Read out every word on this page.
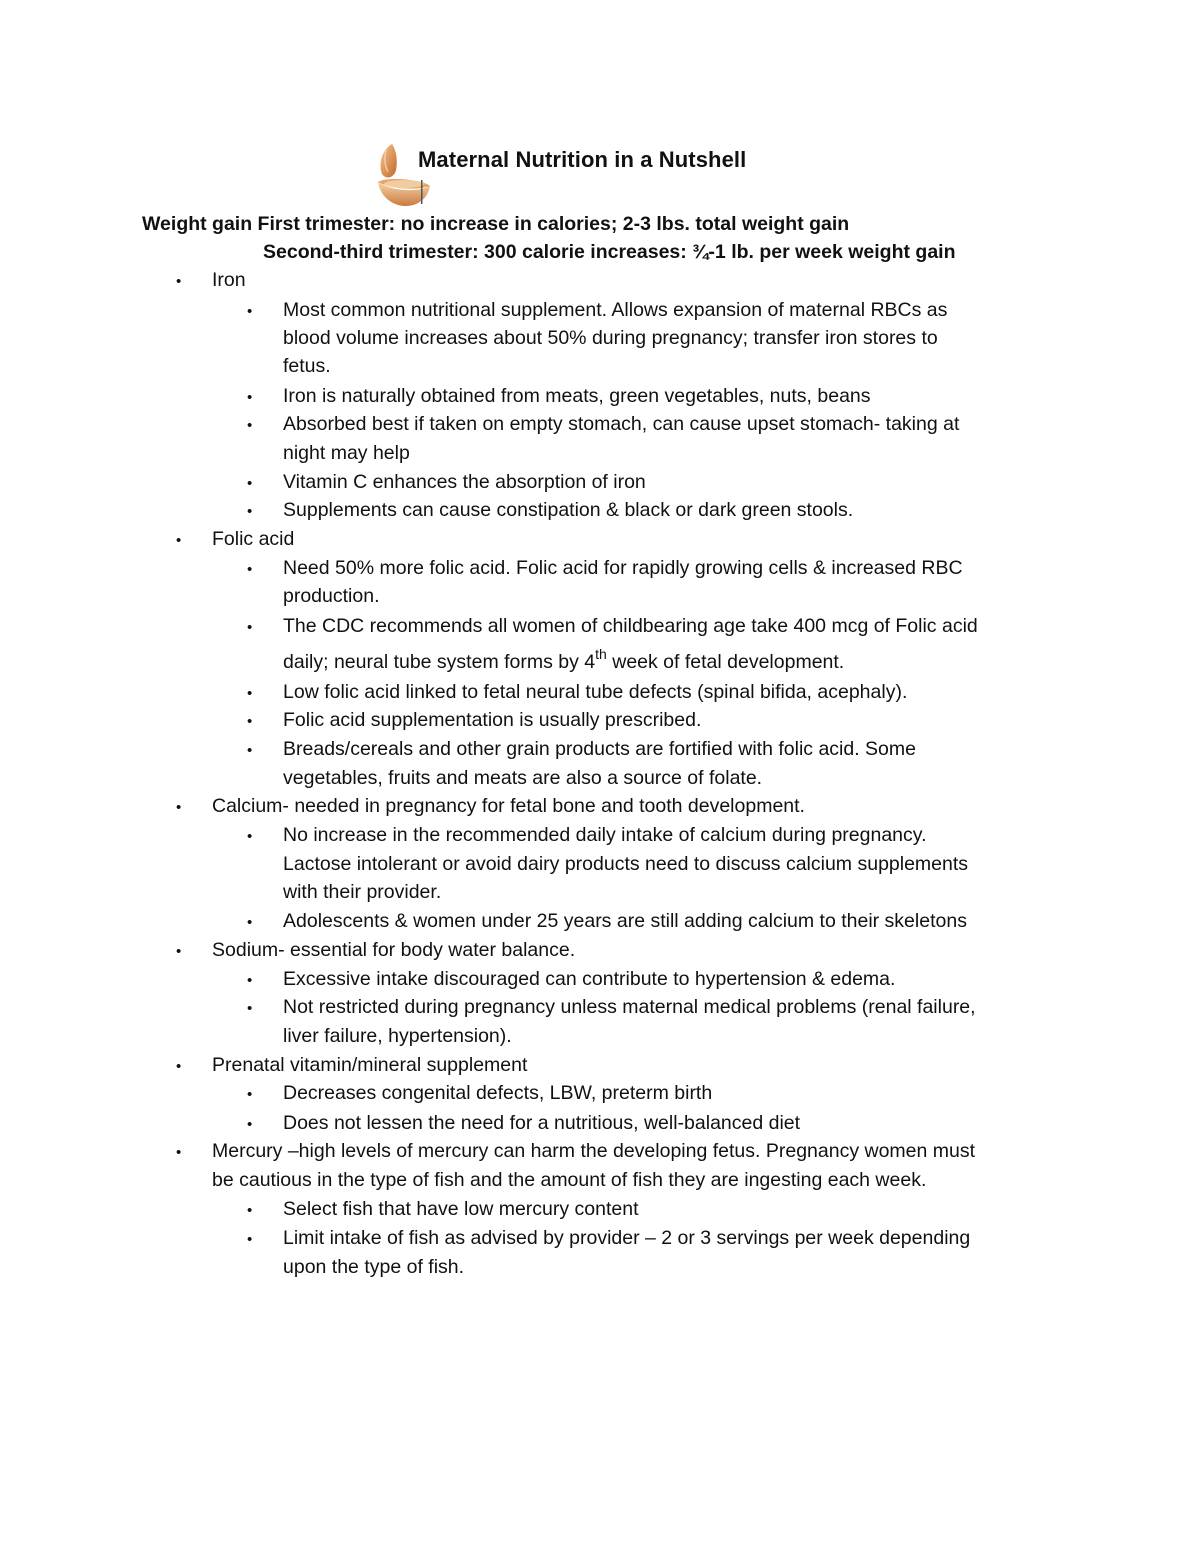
Maternal Nutrition in a Nutshell
Weight gain First trimester: no increase in calories; 2-3 lbs. total weight gain
Second-third trimester: 300 calorie increases: ¾-1 lb. per week weight gain
• Iron
• Most common nutritional supplement. Allows expansion of maternal RBCs as
blood volume increases about 50% during pregnancy; transfer iron stores to
fetus.
• Iron is naturally obtained from meats, green vegetables, nuts, beans
• Absorbed best if taken on empty stomach, can cause upset stomach- taking at
night may help
• Vitamin C enhances the absorption of iron
• Supplements can cause constipation & black or dark green stools.
• Folic acid
• Need 50% more folic acid. Folic acid for rapidly growing cells & increased RBC
production.
• The CDC recommends all women of childbearing age take 400 mcg of Folic acid
daily; neural tube system forms by 4th week of fetal development.
• Low folic acid linked to fetal neural tube defects (spinal bifida, acephaly).
• Folic acid supplementation is usually prescribed.
• Breads/cereals and other grain products are fortified with folic acid. Some
vegetables, fruits and meats are also a source of folate.
• Calcium- needed in pregnancy for fetal bone and tooth development.
• No increase in the recommended daily intake of calcium during pregnancy.
Lactose intolerant or avoid dairy products need to discuss calcium supplements
with their provider.
• Adolescents & women under 25 years are still adding calcium to their skeletons
• Sodium- essential for body water balance.
• Excessive intake discouraged can contribute to hypertension & edema.
• Not restricted during pregnancy unless maternal medical problems (renal failure,
liver failure, hypertension).
• Prenatal vitamin/mineral supplement
• Decreases congenital defects, LBW, preterm birth
• Does not lessen the need for a nutritious, well-balanced diet
• Mercury –high levels of mercury can harm the developing fetus. Pregnancy women must
be cautious in the type of fish and the amount of fish they are ingesting each week.
• Select fish that have low mercury content
• Limit intake of fish as advised by provider – 2 or 3 servings per week depending
upon the type of fish.
